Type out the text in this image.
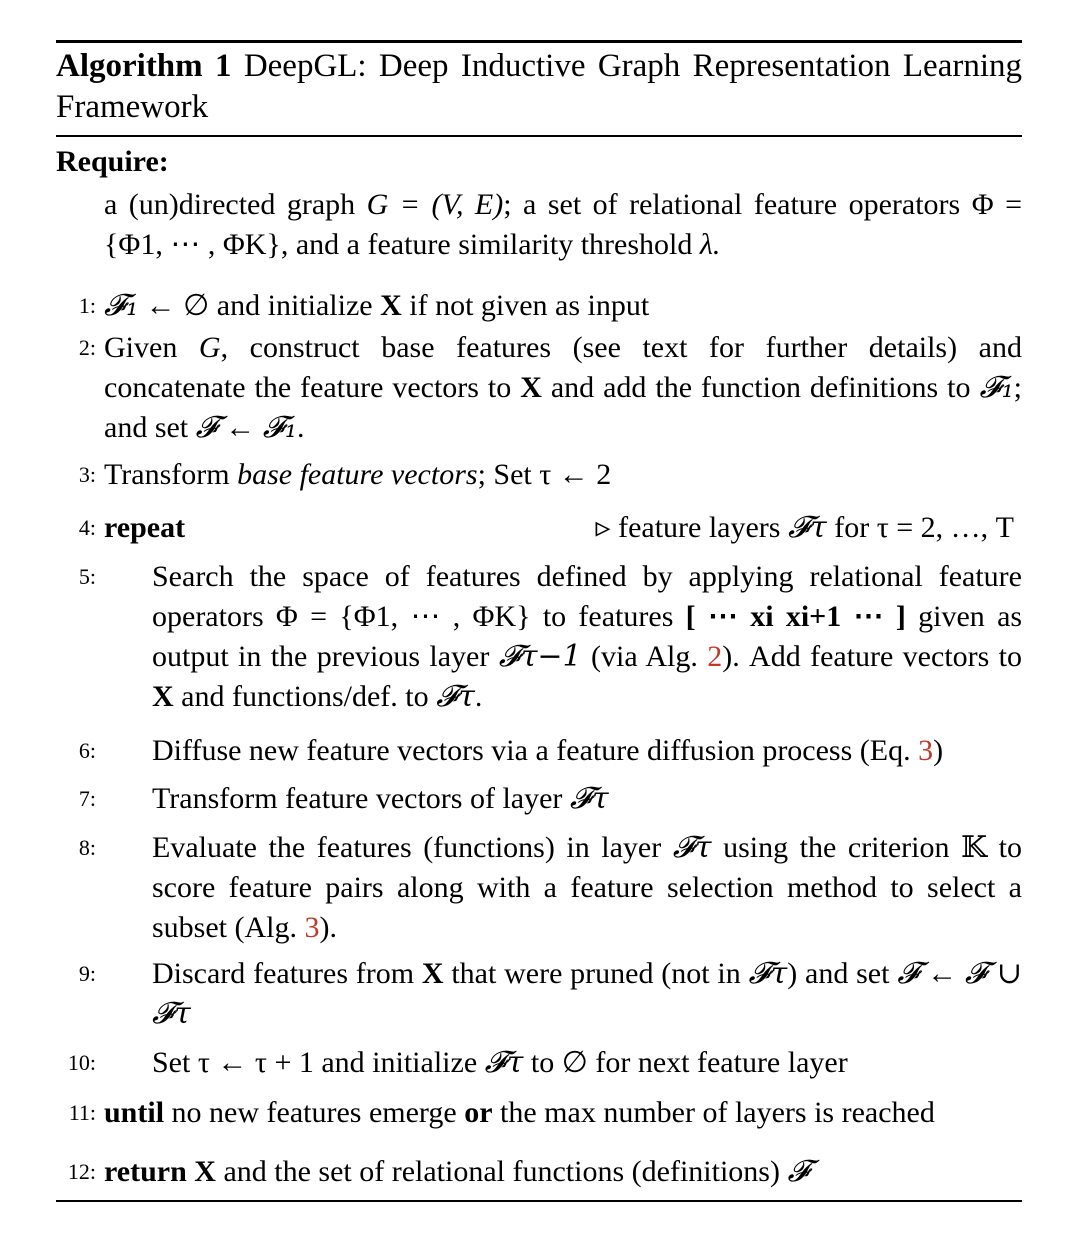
Algorithm 1 DeepGL: Deep Inductive Graph Representation Learning Framework
Require:
a (un)directed graph G = (V, E); a set of relational feature operators Φ = {Φ1, ⋯ , ΦK}, and a feature similarity threshold λ.
1: 𝓕₁ ← ∅ and initialize X if not given as input
2: Given G, construct base features (see text for further details) and concatenate the feature vectors to X and add the function definitions to 𝓕₁; and set 𝓕 ← 𝓕₁.
3: Transform base feature vectors; Set τ ← 2
4: repeat	▹ feature layers 𝓕τ for τ = 2, …, T
5: Search the space of features defined by applying relational feature operators Φ = {Φ1, ⋯ , ΦK} to features [ ⋯ xi xi+1 ⋯ ] given as output in the previous layer 𝓕τ−1 (via Alg. 2). Add feature vectors to X and functions/def. to 𝓕τ.
6: Diffuse new feature vectors via a feature diffusion process (Eq. 3)
7: Transform feature vectors of layer 𝓕τ
8: Evaluate the features (functions) in layer 𝓕τ using the criterion 𝕂 to score feature pairs along with a feature selection method to select a subset (Alg. 3).
9: Discard features from X that were pruned (not in 𝓕τ) and set 𝓕 ← 𝓕 ∪ 𝓕τ
10: Set τ ← τ + 1 and initialize 𝓕τ to ∅ for next feature layer
11: until no new features emerge or the max number of layers is reached
12: return X and the set of relational functions (definitions) 𝓕
